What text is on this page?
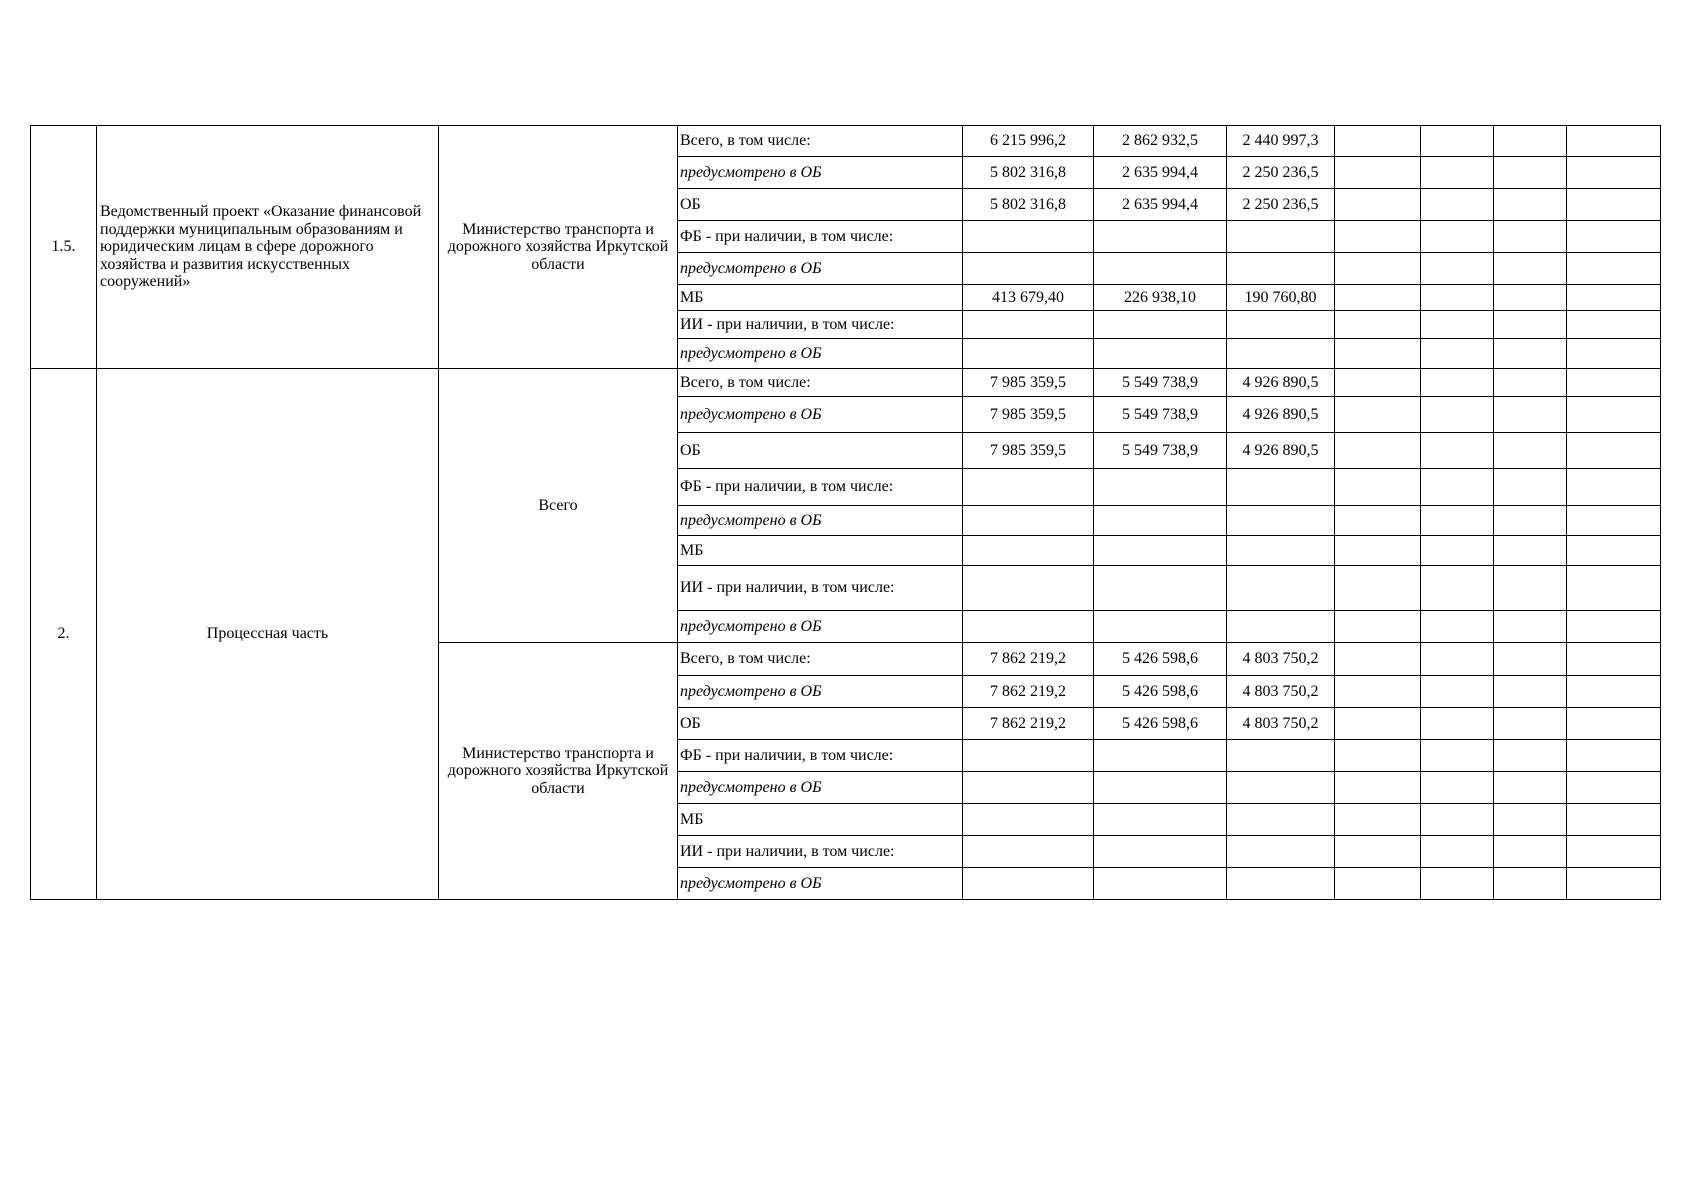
1.5.	Ведомственный проект «Оказание финансовой поддержки муниципальным образованиям и юридическим лицам в сфере дорожного хозяйства и развития искусственных сооружений»	Министерство транспорта и дорожного хозяйства Иркутской области	Всего, в том числе:	6 215 996,2	2 862 932,5	2 440 997,3				
			предусмотрено в ОБ	5 802 316,8	2 635 994,4	2 250 236,5				
			ОБ	5 802 316,8	2 635 994,4	2 250 236,5				
			ФБ - при наличии, в том числе:							
			предусмотрено в ОБ							
			МБ	413 679,40	226 938,10	190 760,80				
			ИИ - при наличии, в том числе:							
			предусмотрено в ОБ							
2.	Процессная часть	Всего	Всего, в том числе:	7 985 359,5	5 549 738,9	4 926 890,5				
			предусмотрено в ОБ	7 985 359,5	5 549 738,9	4 926 890,5				
			ОБ	7 985 359,5	5 549 738,9	4 926 890,5				
			ФБ - при наличии, в том числе:							
			предусмотрено в ОБ							
			МБ							
			ИИ - при наличии, в том числе:							
			предусмотрено в ОБ							
		Министерство транспорта и дорожного хозяйства Иркутской области	Всего, в том числе:	7 862 219,2	5 426 598,6	4 803 750,2				
			предусмотрено в ОБ	7 862 219,2	5 426 598,6	4 803 750,2				
			ОБ	7 862 219,2	5 426 598,6	4 803 750,2				
			ФБ - при наличии, в том числе:							
			предусмотрено в ОБ							
			МБ							
			ИИ - при наличии, в том числе:							
			предусмотрено в ОБ							
